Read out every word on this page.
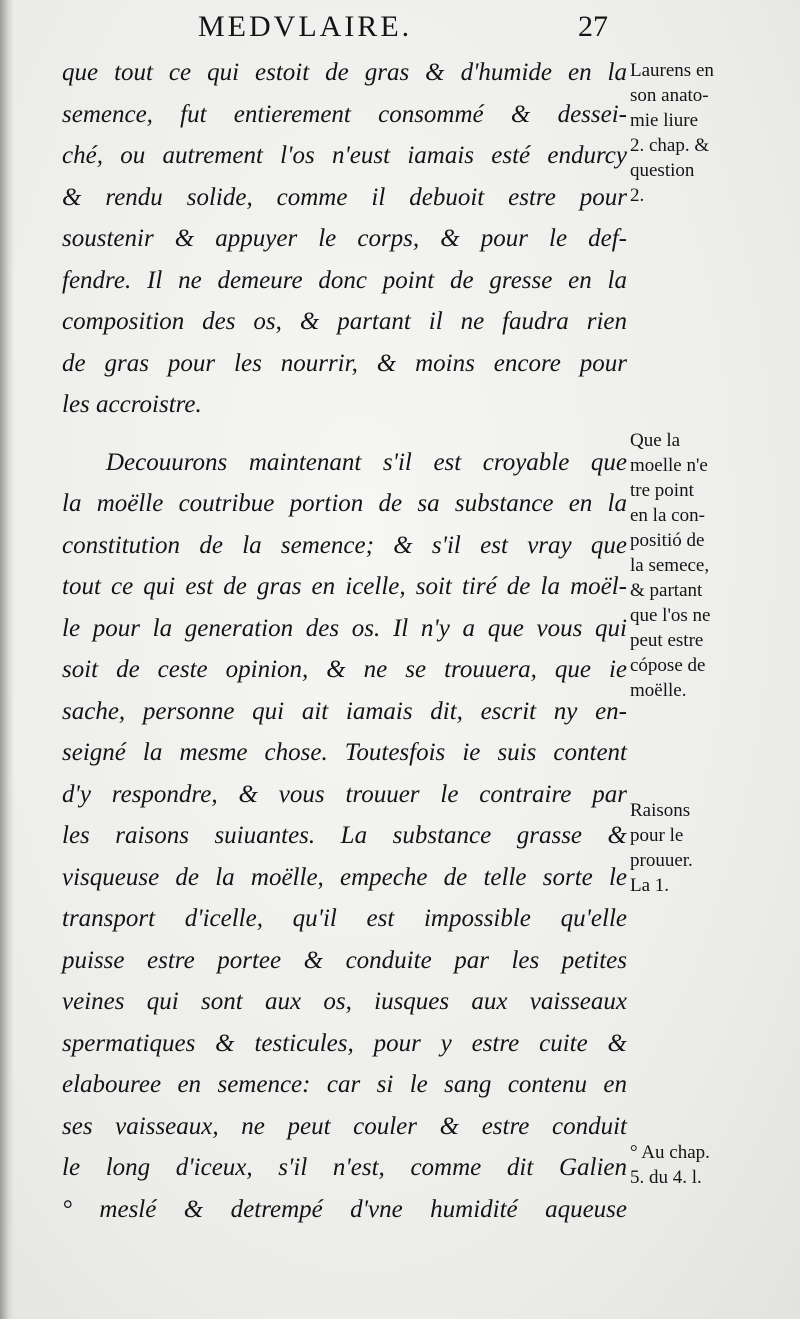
MEDVLAIRE.	27
que tout ce qui estoit de gras & d'humide en la
semence, fut entierement consommé & dessei-
ché, ou autrement l'os n'eust iamais esté endurcy
& rendu solide, comme il debuoit estre pour
soustenir & appuyer le corps, & pour le def-
fendre. Il ne demeure donc point de gresse en la
composition des os, & partant il ne faudra rien
de gras pour les nourrir, & moins encore pour
les accroistre.
Decouurons maintenant s'il est croyable que
la moëlle coutribue portion de sa substance en la
constitution de la semence; & s'il est vray que
tout ce qui est de gras en icelle, soit tiré de la moël-
le pour la generation des os. Il n'y a que vous qui
soit de ceste opinion, & ne se trouuera, que ie
sache, personne qui ait iamais dit, escrit ny en-
seigné la mesme chose. Toutesfois ie suis content
d'y respondre, & vous trouuer le contraire par
les raisons suiuantes. La substance grasse &
visqueuse de la moëlle, empeche de telle sorte le
transport d'icelle, qu'il est impossible qu'elle
puisse estre portee & conduite par les petites
veines qui sont aux os, iusques aux vaisseaux
spermatiques & testicules, pour y estre cuite &
elabouree en semence: car si le sang contenu en
ses vaisseaux, ne peut couler & estre conduit
le long d'iceux, s'il n'est, comme dit Galien
° meslé & detrempé d'vne humidité aqueuse
Laurens en
son anato-
mie liure
2. chap. &
question
2.
Que la
moelle n'e
tre point
en la con-
positió de
la semece,
& partant
que l'os ne
peut estre
cópose de
moëlle.
Raisons
pour le
prouuer.
La 1.
° Au chap.
5. du 4. l.
